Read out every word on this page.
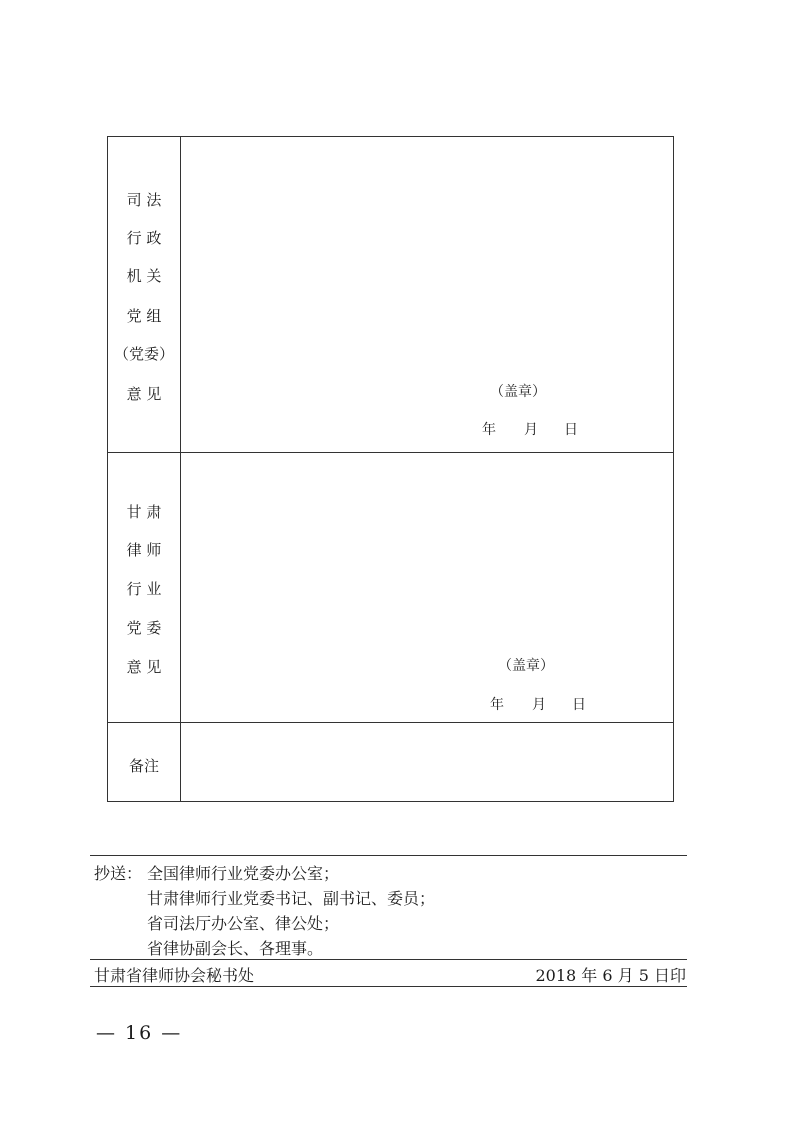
司 法
行 政
机 关
党 组
（党委）
意 见	（盖章）
年 月 日
甘 肃
律 师
行 业
党 委
意 见	（盖章）
年 月 日
备注
抄送： 全国律师行业党委办公室；
甘肃律师行业党委书记、副书记、委员；
省司法厅办公室、律公处；
省律协副会长、各理事。
甘肃省律师协会秘书处	2018 年 6 月 5 日印
— 16 —
